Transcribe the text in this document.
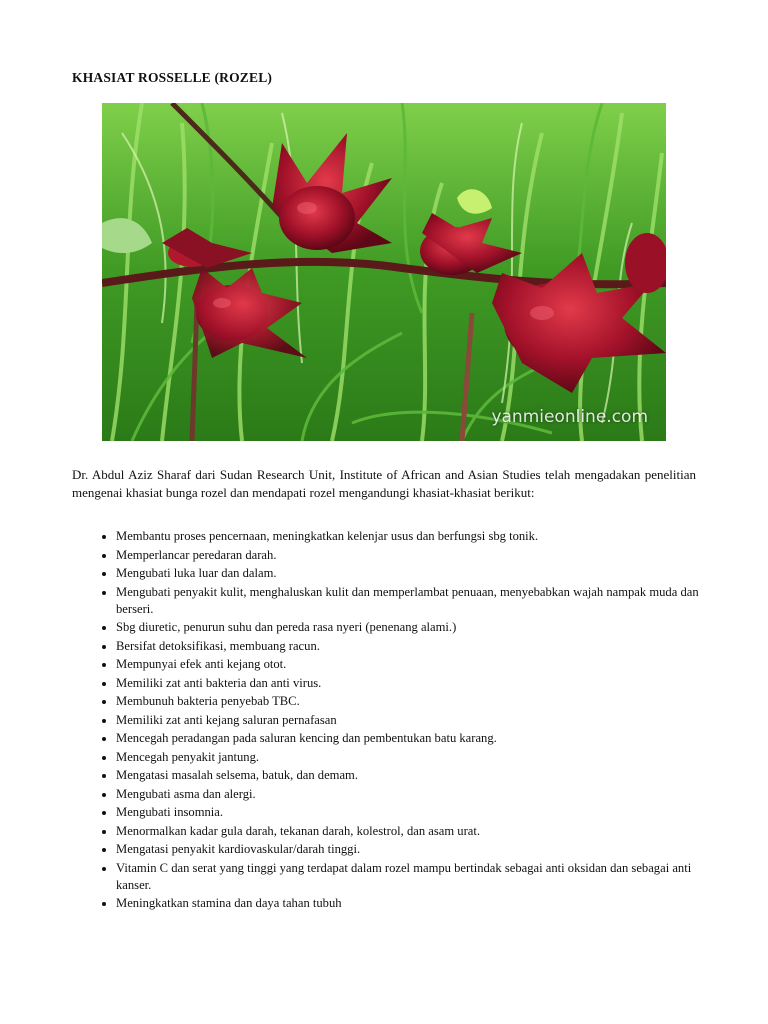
KHASIAT ROSSELLE (ROZEL)
yanmieonline.com

Dr. Abdul Aziz Sharaf dari Sudan Research Unit, Institute of African and Asian Studies telah mengadakan penelitian mengenai khasiat bunga rozel dan mendapati rozel mengandungi khasiat-khasiat berikut:

• Membantu proses pencernaan, meningkatkan kelenjar usus dan berfungsi sbg tonik.
• Memperlancar peredaran darah.
• Mengubati luka luar dan dalam.
• Mengubati penyakit kulit, menghaluskan kulit dan memperlambat penuaan, menyebabkan wajah nampak muda dan berseri.
• Sbg diuretic, penurun suhu dan pereda rasa nyeri (penenang alami.)
• Bersifat detoksifikasi, membuang racun.
• Mempunyai efek anti kejang otot.
• Memiliki zat anti bakteria dan anti virus.
• Membunuh bakteria penyebab TBC.
• Memiliki zat anti kejang saluran pernafasan
• Mencegah peradangan pada saluran kencing dan pembentukan batu karang.
• Mencegah penyakit jantung.
• Mengatasi masalah selsema, batuk, dan demam.
• Mengubati asma dan alergi.
• Mengubati insomnia.
• Menormalkan kadar gula darah, tekanan darah, kolestrol, dan asam urat.
• Mengatasi penyakit kardiovaskular/darah tinggi.
• Vitamin C dan serat yang tinggi yang terdapat dalam rozel mampu bertindak sebagai anti oksidan dan sebagai anti kanser.
• Meningkatkan stamina dan daya tahan tubuh
